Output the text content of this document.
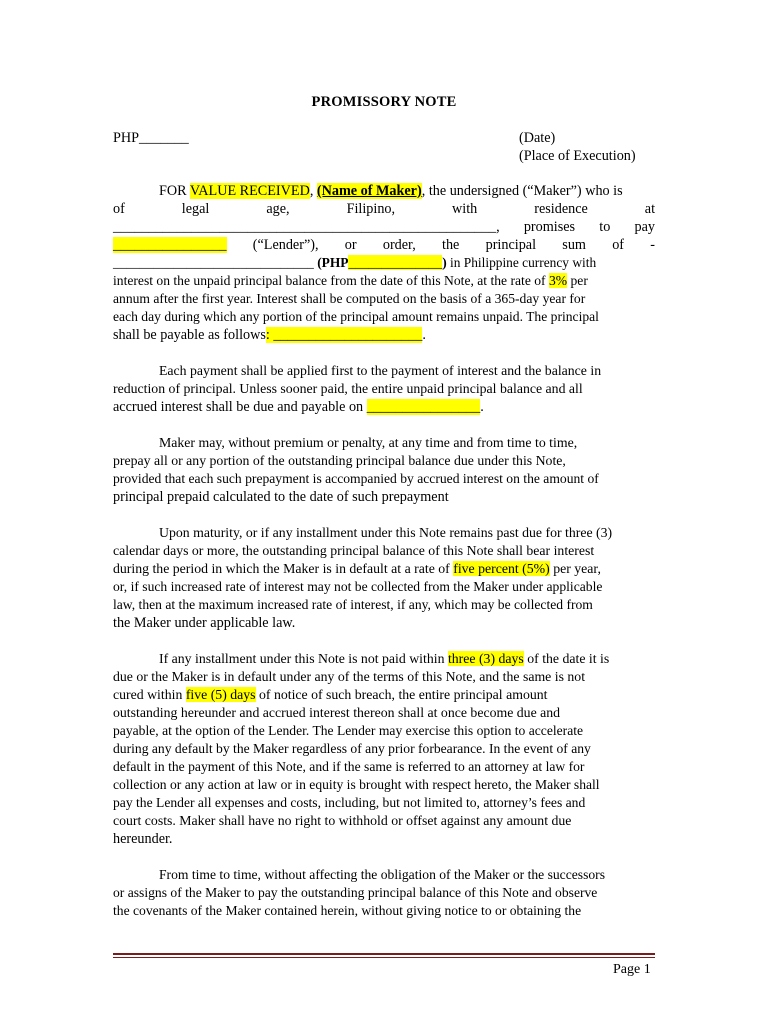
PROMISSORY NOTE
PHP_______	(Date)
(Place of Execution)
FOR VALUE RECEIVED, (Name of Maker), the undersigned (“Maker”) who is
of	legal	age,	Filipino,	with	residence	at
______________________________________________________, promises to pay
________________ (“Lender”), or order, the principal sum of -
______________________________ (PHP______________) in Philippine currency with
interest on the unpaid principal balance from the date of this Note, at the rate of 3% per
annum after the first year. Interest shall be computed on the basis of a 365-day year for
each day during which any portion of the principal amount remains unpaid. The principal
shall be payable as follows: _____________________.
Each payment shall be applied first to the payment of interest and the balance in
reduction of principal. Unless sooner paid, the entire unpaid principal balance and all
accrued interest shall be due and payable on ________________.
Maker may, without premium or penalty, at any time and from time to time,
prepay all or any portion of the outstanding principal balance due under this Note,
provided that each such prepayment is accompanied by accrued interest on the amount of
principal prepaid calculated to the date of such prepayment
Upon maturity, or if any installment under this Note remains past due for three (3)
calendar days or more, the outstanding principal balance of this Note shall bear interest
during the period in which the Maker is in default at a rate of five percent (5%) per year,
or, if such increased rate of interest may not be collected from the Maker under applicable
law, then at the maximum increased rate of interest, if any, which may be collected from
the Maker under applicable law.
If any installment under this Note is not paid within three (3) days of the date it is
due or the Maker is in default under any of the terms of this Note, and the same is not
cured within five (5) days of notice of such breach, the entire principal amount
outstanding hereunder and accrued interest thereon shall at once become due and
payable, at the option of the Lender. The Lender may exercise this option to accelerate
during any default by the Maker regardless of any prior forbearance. In the event of any
default in the payment of this Note, and if the same is referred to an attorney at law for
collection or any action at law or in equity is brought with respect hereto, the Maker shall
pay the Lender all expenses and costs, including, but not limited to, attorney’s fees and
court costs. Maker shall have no right to withhold or offset against any amount due
hereunder.
From time to time, without affecting the obligation of the Maker or the successors
or assigns of the Maker to pay the outstanding principal balance of this Note and observe
the covenants of the Maker contained herein, without giving notice to or obtaining the
Page 1
